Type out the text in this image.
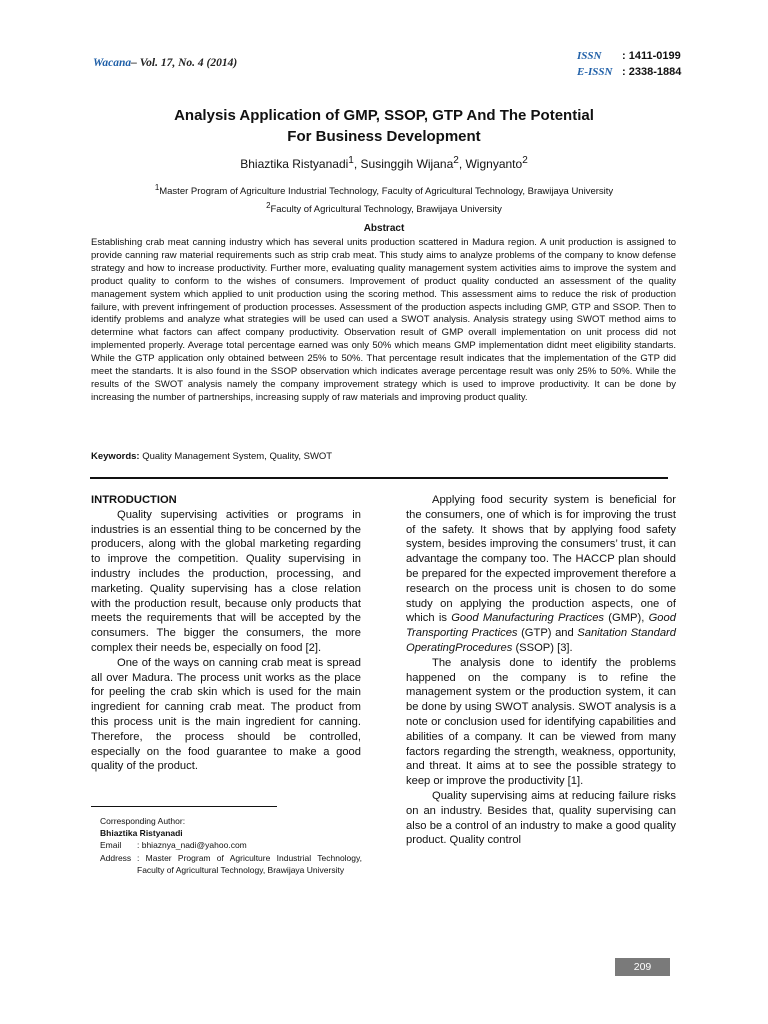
Wacana– Vol. 17, No. 4 (2014)
ISSN : 1411-0199
E-ISSN : 2338-1884
Analysis Application of GMP, SSOP, GTP And The Potential
For Business Development
Bhiaztika Ristyanadi$^1$, Susinggih Wijana$^2$, Wignyanto$^2$
$^1$Master Program of Agriculture Industrial Technology, Faculty of Agricultural Technology, Brawijaya University
$^2$Faculty of Agricultural Technology, Brawijaya University
Abstract
Establishing crab meat canning industry which has several units production scattered in Madura region. A unit production is assigned to provide canning raw material requirements such as strip crab meat. This study aims to analyze problems of the company to know defense strategy and how to increase productivity. Further more, evaluating quality management system activities aims to improve the system and product quality to conform to the wishes of consumers. Improvement of product quality conducted an assessment of the quality management system which applied to unit production using the scoring method. This assessment aims to reduce the risk of production failure, with prevent infringement of production processes. Assessment of the production aspects including GMP, GTP and SSOP. Then to identify problems and analyze what strategies will be used can used a SWOT analysis. Analysis strategy using SWOT method aims to determine what factors can affect company productivity. Observation result of GMP overall implementation on unit process did not implemented properly. Average total percentage earned was only 50% which means GMP implementation didnt meet eligibility standarts. While the GTP application only obtained between 25% to 50%. That percentage result indicates that the implementation of the GTP did meet the standarts. It is also found in the SSOP observation which indicates average percentage result was only 25% to 50%. While the results of the SWOT analysis namely the company improvement strategy which is used to improve productivity. It can be done by increasing the number of partnerships, increasing supply of raw materials and improving product quality.
Keywords: Quality Management System, Quality, SWOT

INTRODUCTION

Quality supervising activities or programs in industries is an essential thing to be concerned by the producers, along with the global marketing regarding to improve the competition. Quality supervising in industry includes the production, processing, and marketing. Quality supervising has a close relation with the production result, because only products that meets the requirements that will be accepted by the consumers. The bigger the consumers, the more complex their needs be, especially on food [2].

One of the ways on canning crab meat is spread all over Madura. The process unit works as the place for peeling the crab skin which is used for the main ingredient for canning crab meat. The product from this process unit is the main ingredient for canning. Therefore, the process should be controlled, especially on the food guarantee to make a good quality of the product.

Applying food security system is beneficial for the consumers, one of which is for improving the trust of the safety. It shows that by applying food safety system, besides improving the consumers’ trust, it can advantage the company too. The HACCP plan should be prepared for the expected improvement therefore a research on the process unit is chosen to do some study on applying the production aspects, one of which is Good Manufacturing Practices (GMP), Good Transporting Practices (GTP) and Sanitation Standard OperatingProcedures (SSOP) [3].

The analysis done to identify the problems happened on the company is to refine the management system or the production system, it can be done by using SWOT analysis. SWOT analysis is a note or conclusion used for identifying capabilities and abilities of a company. It can be viewed from many factors regarding the strength, weakness, opportunity, and threat. It aims at to see the possible strategy to keep or improve the productivity [1].

Quality supervising aims at reducing failure risks on an industry. Besides that, quality supervising can also be a control of an industry to make a good quality product. Quality control

Corresponding Author:
Bhiaztika Ristyanadi
Email	: bhiaznya_nadi@yahoo.com
Address : Master Program of Agriculture Industrial Technology, Faculty of Agricultural Technology, Brawijaya University
209
